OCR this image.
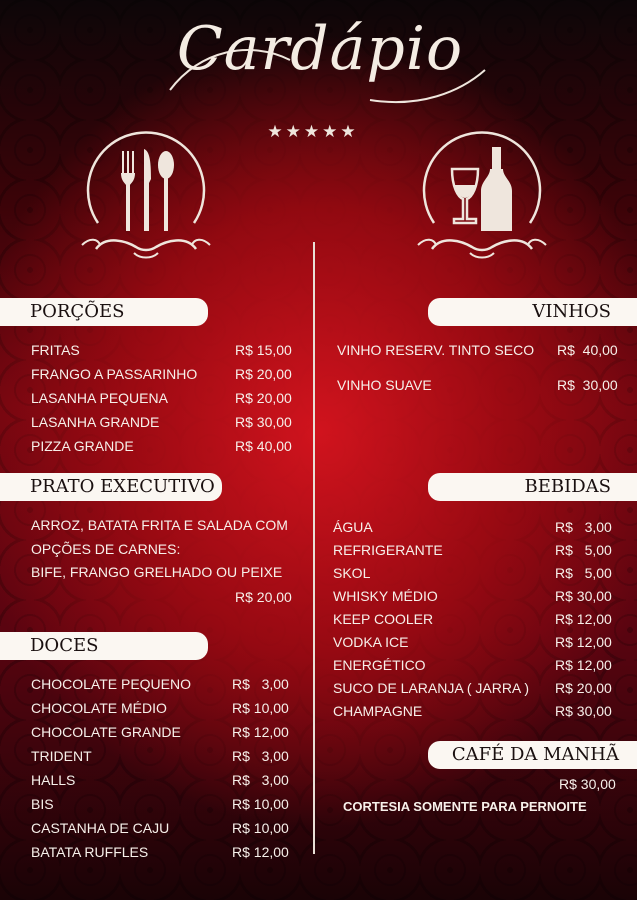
Cardápio
★★★★★
PORÇÕES
FRITAS	R$ 15,00
FRANGO A PASSARINHO	R$ 20,00
LASANHA PEQUENA	R$ 20,00
LASANHA GRANDE	R$ 30,00
PIZZA GRANDE	R$ 40,00
PRATO EXECUTIVO
ARROZ, BATATA FRITA E SALADA COM
OPÇÕES DE CARNES:
BIFE, FRANGO GRELHADO OU PEIXE
R$ 20,00
DOCES
CHOCOLATE PEQUENO	R$   3,00
CHOCOLATE MÉDIO	R$ 10,00
CHOCOLATE GRANDE	R$ 12,00
TRIDENT	R$   3,00
HALLS	R$   3,00
BIS	R$ 10,00
CASTANHA DE CAJU	R$ 10,00
BATATA RUFFLES	R$ 12,00
VINHOS
VINHO RESERV. TINTO SECO R$  40,00
VINHO SUAVE	R$  30,00
BEBIDAS
ÁGUA	R$   3,00
REFRIGERANTE	R$   5,00
SKOL	R$   5,00
WHISKY MÉDIO	R$ 30,00
KEEP COOLER	R$ 12,00
VODKA ICE	R$ 12,00
ENERGÉTICO	R$ 12,00
SUCO DE LARANJA ( JARRA ) R$ 20,00
CHAMPAGNE	R$ 30,00
CAFÉ DA MANHÃ
R$ 30,00
CORTESIA SOMENTE PARA PERNOITE
